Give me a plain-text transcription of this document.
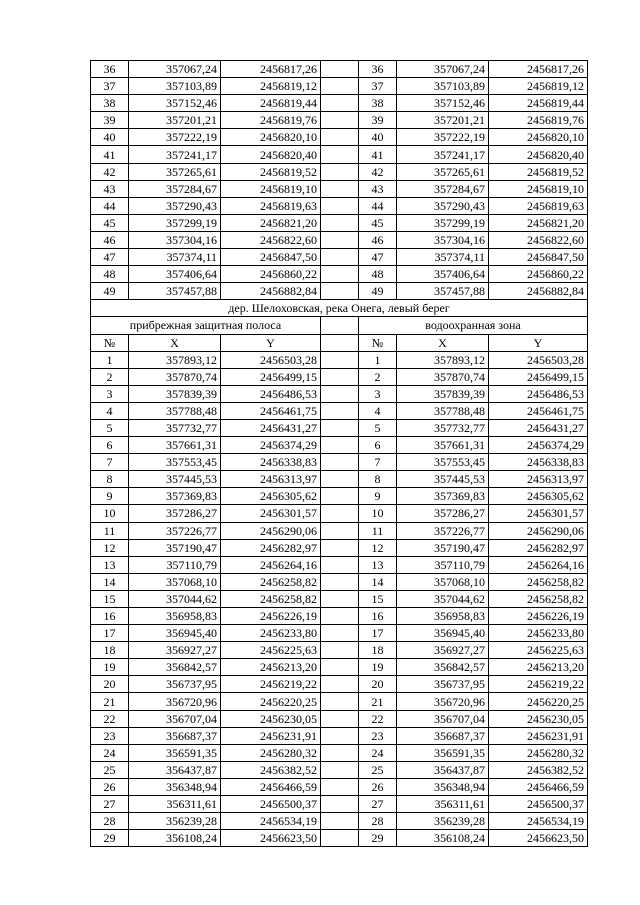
36	357067,24	2456817,26		36	357067,24	2456817,26
37	357103,89	2456819,12		37	357103,89	2456819,12
38	357152,46	2456819,44		38	357152,46	2456819,44
39	357201,21	2456819,76		39	357201,21	2456819,76
40	357222,19	2456820,10		40	357222,19	2456820,10
41	357241,17	2456820,40		41	357241,17	2456820,40
42	357265,61	2456819,52		42	357265,61	2456819,52
43	357284,67	2456819,10		43	357284,67	2456819,10
44	357290,43	2456819,63		44	357290,43	2456819,63
45	357299,19	2456821,20		45	357299,19	2456821,20
46	357304,16	2456822,60		46	357304,16	2456822,60
47	357374,11	2456847,50		47	357374,11	2456847,50
48	357406,64	2456860,22		48	357406,64	2456860,22
49	357457,88	2456882,84		49	357457,88	2456882,84
дер. Шелоховская, река Онега, левый берег						
прибрежная защитная полоса				водоохранная зона		
№	X	Y		№	X	Y
1	357893,12	2456503,28		1	357893,12	2456503,28
2	357870,74	2456499,15		2	357870,74	2456499,15
3	357839,39	2456486,53		3	357839,39	2456486,53
4	357788,48	2456461,75		4	357788,48	2456461,75
5	357732,77	2456431,27		5	357732,77	2456431,27
6	357661,31	2456374,29		6	357661,31	2456374,29
7	357553,45	2456338,83		7	357553,45	2456338,83
8	357445,53	2456313,97		8	357445,53	2456313,97
9	357369,83	2456305,62		9	357369,83	2456305,62
10	357286,27	2456301,57		10	357286,27	2456301,57
11	357226,77	2456290,06		11	357226,77	2456290,06
12	357190,47	2456282,97		12	357190,47	2456282,97
13	357110,79	2456264,16		13	357110,79	2456264,16
14	357068,10	2456258,82		14	357068,10	2456258,82
15	357044,62	2456258,82		15	357044,62	2456258,82
16	356958,83	2456226,19		16	356958,83	2456226,19
17	356945,40	2456233,80		17	356945,40	2456233,80
18	356927,27	2456225,63		18	356927,27	2456225,63
19	356842,57	2456213,20		19	356842,57	2456213,20
20	356737,95	2456219,22		20	356737,95	2456219,22
21	356720,96	2456220,25		21	356720,96	2456220,25
22	356707,04	2456230,05		22	356707,04	2456230,05
23	356687,37	2456231,91		23	356687,37	2456231,91
24	356591,35	2456280,32		24	356591,35	2456280,32
25	356437,87	2456382,52		25	356437,87	2456382,52
26	356348,94	2456466,59		26	356348,94	2456466,59
27	356311,61	2456500,37		27	356311,61	2456500,37
28	356239,28	2456534,19		28	356239,28	2456534,19
29	356108,24	2456623,50		29	356108,24	2456623,50
